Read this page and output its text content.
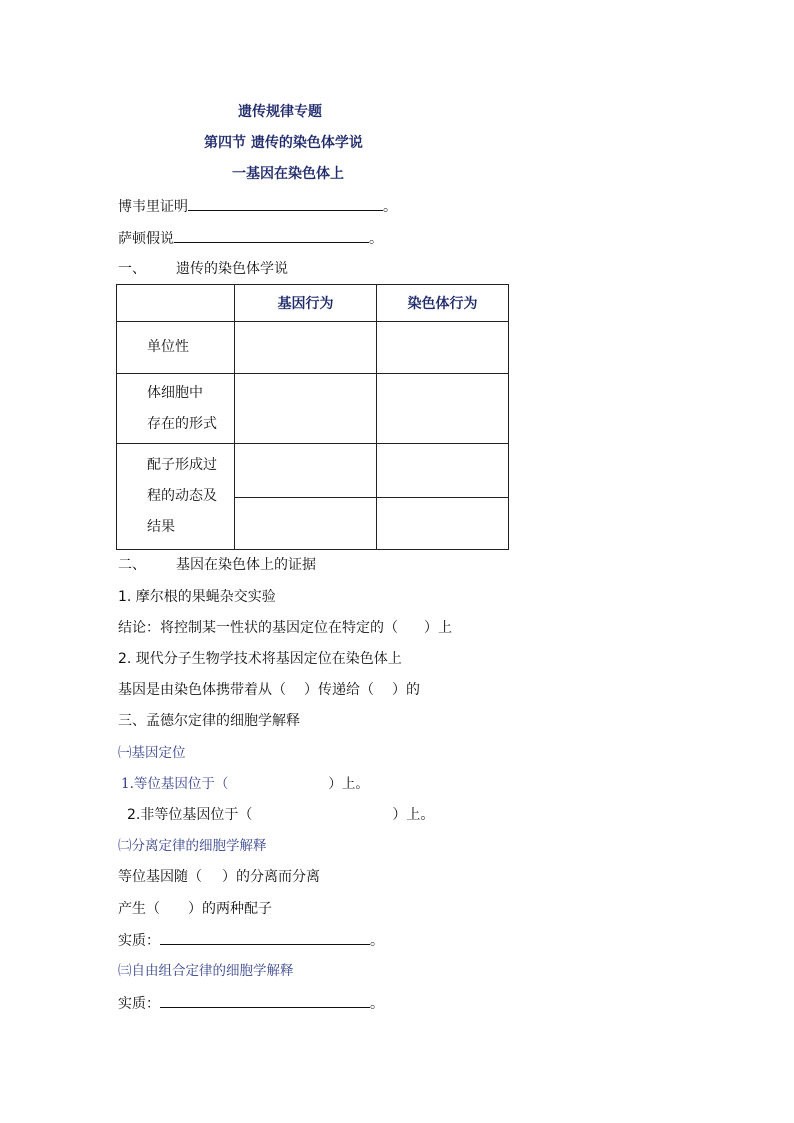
遗传规律专题
第四节 遗传的染色体学说
一基因在染色体上
博韦里证明	。
萨顿假说	。
一、 遗传的染色体学说
	基因行为	染色体行为
单位性		

体细胞中
存在的形式		

配子形成过
程的动态及
结果		

二、 基因在染色体上的证据
1. 摩尔根的果蝇杂交实验
结论：将控制某一性状的基因定位在特定的（ ）上
2. 现代分子生物学技术将基因定位在染色体上
基因是由染色体携带着从（ ）传递给（ ）的
三、孟德尔定律的细胞学解释
㈠基因定位
1.等位基因位于（	）上。
2.非等位基因位于（	）上。
㈡分离定律的细胞学解释
等位基因随（ ）的分离而分离
产生（ ）的两种配子
实质：	。
㈢自由组合定律的细胞学解释
实质：	。
